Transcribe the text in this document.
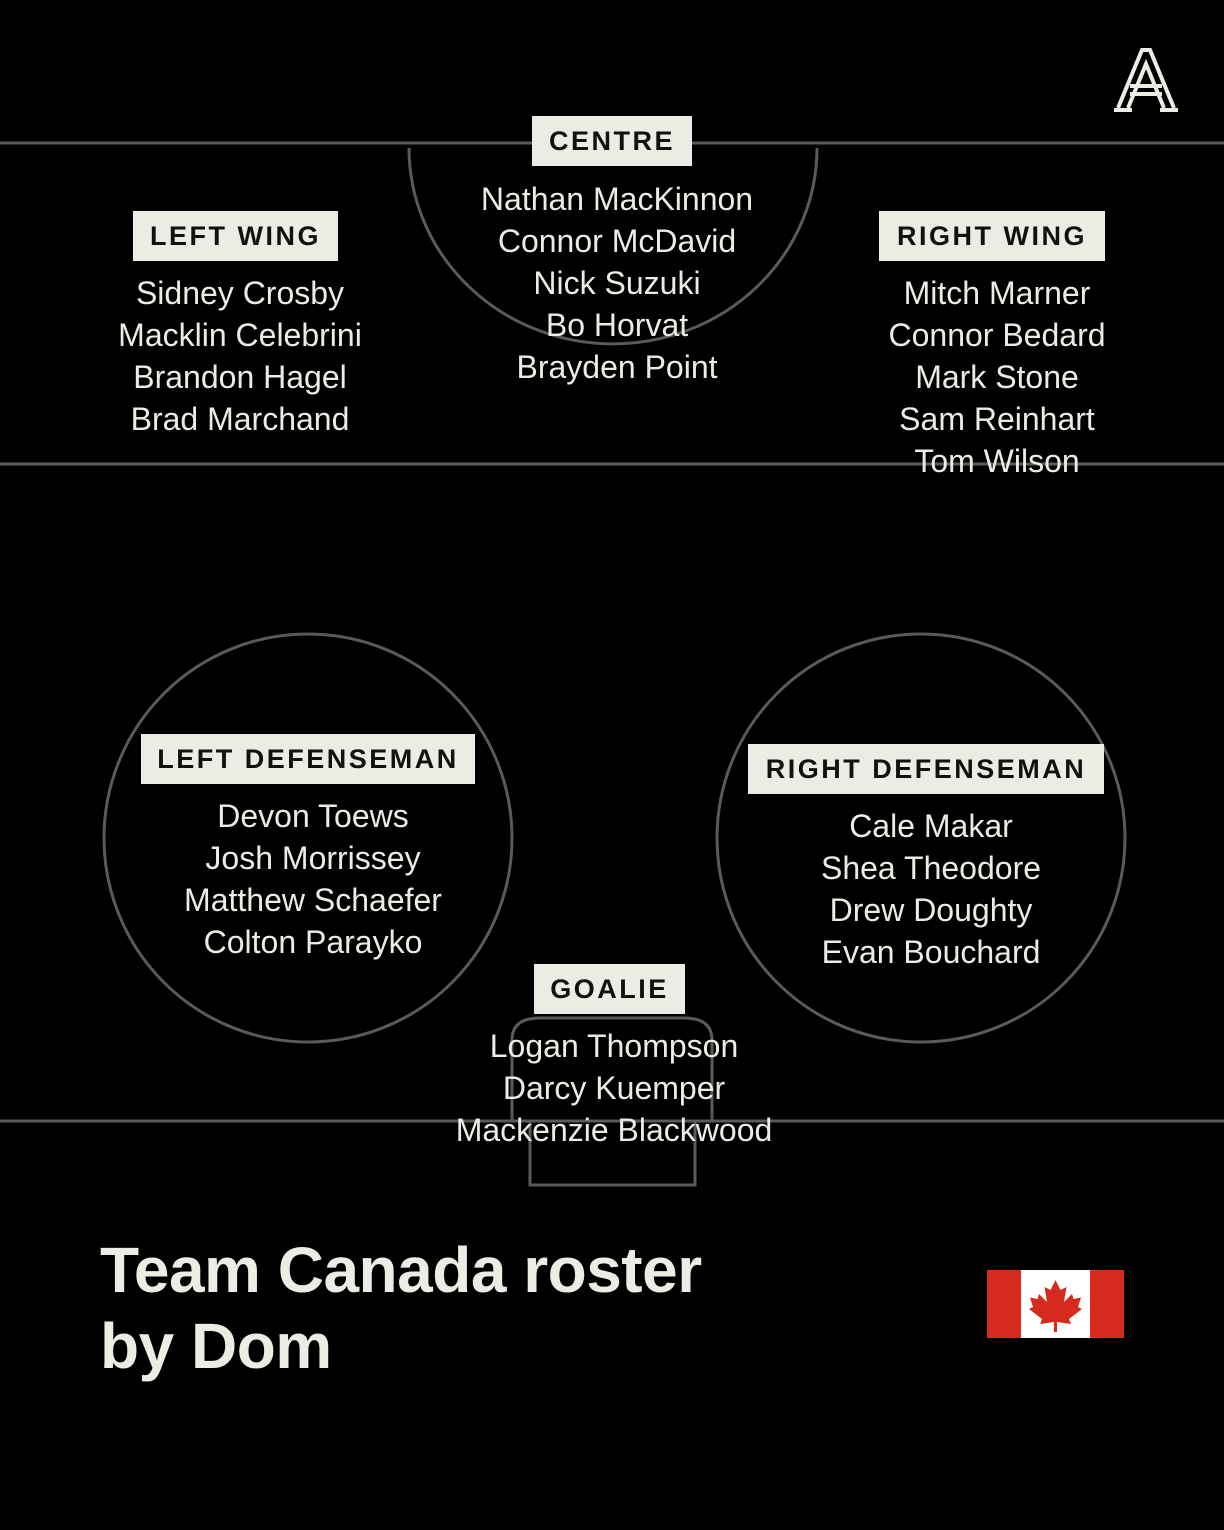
CENTRE
Nathan MacKinnon
Connor McDavid
Nick Suzuki
Bo Horvat
Brayden Point
LEFT WING
Sidney Crosby
Macklin Celebrini
Brandon Hagel
Brad Marchand
RIGHT WING
Mitch Marner
Connor Bedard
Mark Stone
Sam Reinhart
Tom Wilson
LEFT DEFENSEMAN
Devon Toews
Josh Morrissey
Matthew Schaefer
Colton Parayko
RIGHT DEFENSEMAN
Cale Makar
Shea Theodore
Drew Doughty
Evan Bouchard
GOALIE
Logan Thompson
Darcy Kuemper
Mackenzie Blackwood
Team Canada roster
by Dom
